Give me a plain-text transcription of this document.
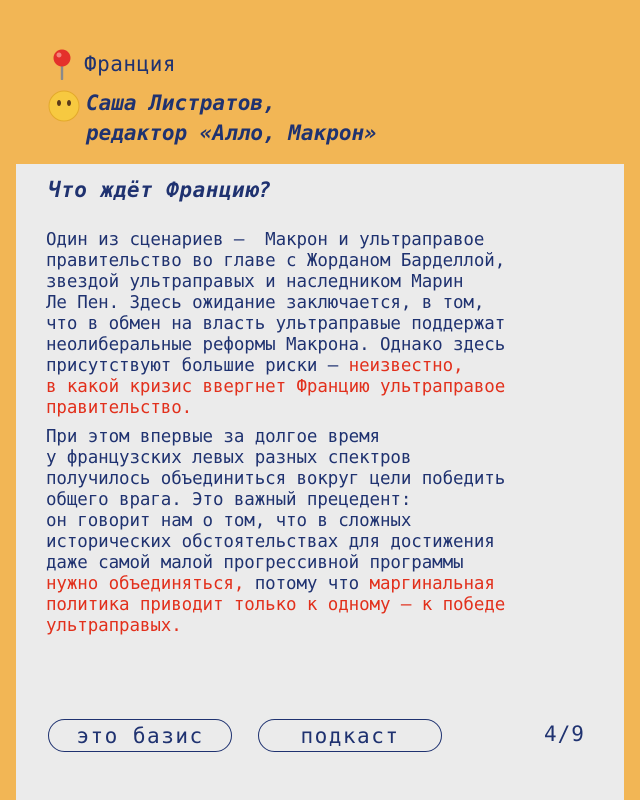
Франция
Саша Листратов,
редактор «Алло, Макрон»
Что ждёт Францию?
Один из сценариев –  Макрон и ультраправое
правительство во главе с Жорданом Барделлой,
звездой ультраправых и наследником Марин
Ле Пен. Здесь ожидание заключается, в том,
что в обмен на власть ультраправые поддержат
неолиберальные реформы Макрона. Однако здесь
присутствуют большие риски – неизвестно,
в какой кризис ввергнет Францию ультраправое
правительство.
При этом впервые за долгое время
у французских левых разных спектров
получилось объединиться вокруг цели победить
общего врага. Это важный прецедент:
он говорит нам о том, что в сложных
исторических обстоятельствах для достижения
даже самой малой прогрессивной программы
нужно объединяться, потому что маргинальная
политика приводит только к одному – к победе
ультраправых.
это базис	подкаст	4/9
